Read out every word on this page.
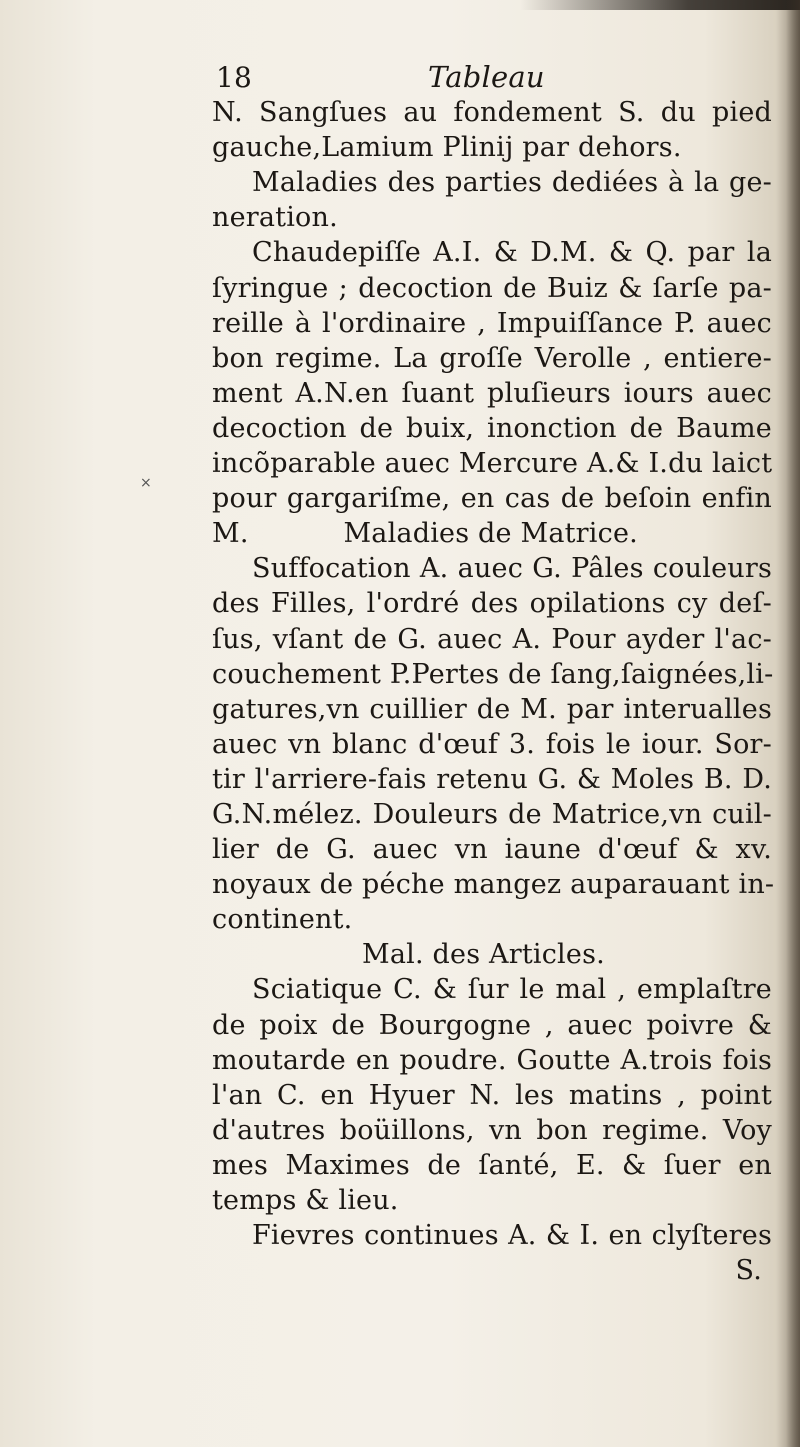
×
18	Tableau
N. Sangſues au fondement S. du pied
gauche,Lamium Plinij par dehors.
Maladies des parties dediées à la ge-
neration.
Chaudepiſſe A.I. & D.M. & Q. par la
ſyringue ; decoction de Buiz & ſarſe pa-
reille à l'ordinaire , Impuiſſance P. auec
bon regime. La groſſe Verolle , entiere-
ment A.N.en ſuant pluſieurs iours auec
decoction de buix, inonction de Baume
incõparable auec Mercure A.& I.du laict
pour gargariſme, en cas de beſoin enfin
M.	Maladies de Matrice.
Suffocation A. auec G. Pâles couleurs
des Filles, l'ordré des opilations cy deſ-
ſus, vſant de G. auec A. Pour ayder l'ac-
couchement P.Pertes de ſang,ſaignées,li-
gatures,vn cuillier de M. par interualles
auec vn blanc d'œuf 3. fois le iour. Sor-
tir l'arriere-fais retenu G. & Moles B. D.
G.N.mélez. Douleurs de Matrice,vn cuil-
lier de G. auec vn iaune d'œuf & xv.
noyaux de péche mangez auparauant in-
continent.
Mal. des Articles.
Sciatique C. & ſur le mal , emplaſtre
de poix de Bourgogne , auec poivre &
moutarde en poudre. Goutte A.trois fois
l'an C. en Hyuer N. les matins , point
d'autres boüillons, vn bon regime. Voy
mes Maximes de ſanté, E. & ſuer en
temps & lieu.
Fievres continues A. & I. en clyſteres
S.
